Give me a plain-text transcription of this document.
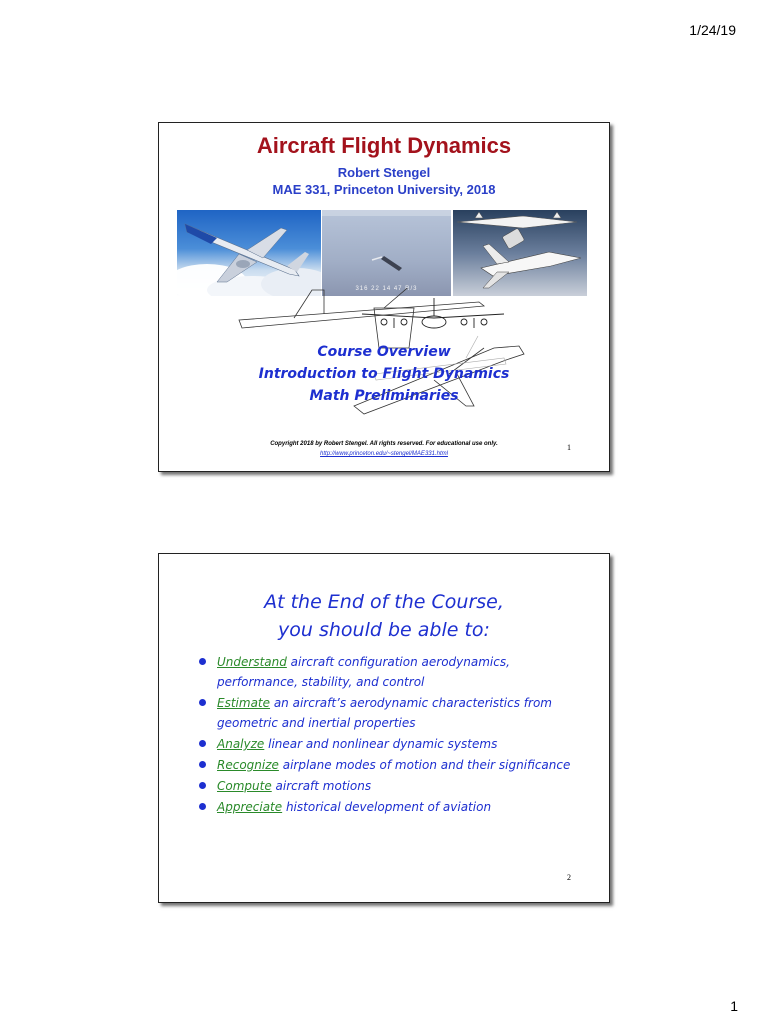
1/24/19
Aircraft Flight Dynamics
Robert Stengel
MAE 331, Princeton University, 2018
316 22 14 47 R/3
Course Overview
Introduction to Flight Dynamics
Math Preliminaries
Copyright 2018 by Robert Stengel. All rights reserved. For educational use only.
http://www.princeton.edu/~stengel/MAE331.html
1
At the End of the Course,
you should be able to:
Understand aircraft configuration aerodynamics, performance, stability, and control
Estimate an aircraft’s aerodynamic characteristics from geometric and inertial properties
Analyze linear and nonlinear dynamic systems
Recognize airplane modes of motion and their significance
Compute aircraft motions
Appreciate historical development of aviation
2
1
